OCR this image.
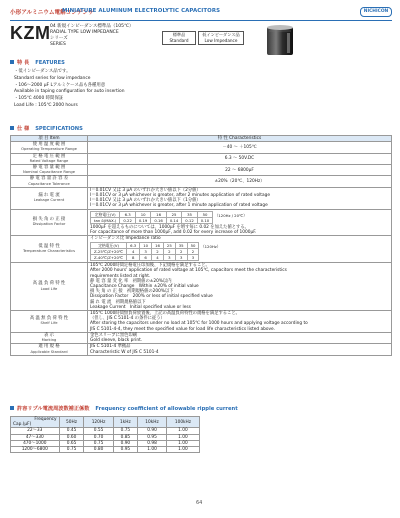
小形アルミニウム電解コンデンサ
MINIATURE ALUMINUM ELECTROLYTIC CAPACITORS	NICHICON
KZM 04 新規インピーダンス標準品（105℃）
RADIAL TYPE LOW IMPEDANCE
シリーズ
SERIES
標準品
Standard
低インピーダンス品
Low Impedance
特 長 FEATURES
・低インピーダンス品です。
Standard series for low impedance
・106～2000 μF Lアルミケース品も各種用意
Available in taping configuration for auto insertion
・105℃ 4000 時間保証
Load Life : 105℃ 2000 hours
仕 様 SPECIFICATIONS
項 目 Item	特 性 Characteristics
使 用 温 度 範 囲
Operating Temperature Range	－40 ～ ＋105℃
定 格 電 圧 範 囲
Rated Voltage Range	6.3 ～ 50V.DC
静 電 容 量 範 囲
Nominal Capacitance Range	22 ～ 6800μF
静 電 容 量 許 容 差
Capacitance Tolerance	±20%（20℃、120Hz）
漏 れ 電 流
Leakage Current

I＝0.01CV 又は 3 μA のいずれか大きい値以下（2分値）
I＝0.01CV or 3 μA whichever is greater, after 2 minutes application of rated voltage
I＝0.01CV 又は 3 μA のいずれか大きい値以下（1分値）
I＝0.01CV or 3 μA whichever is greater, after 1 minute application of rated voltage

損 失 角 の 正 接
Dissipation Factor
	定格電圧(V)	6.3	10	16	25	35	50
tan δ(MAX.)	0.22	0.19	0.16	0.14	0.12	0.10 （120Hz / 20℃）
1000μF を超えるものについては、1000μF を増す毎に 0.02 を加えた値とする。
For capacitance of more than 1000μF, add 0.02 for every increase of 1000μF.

低 温 特 性
Temperature Characteristics

インピーダンス比 Impedance ratio
定格電圧(V)	6.3	10	16	25	35	50
Z-25℃/Z+20℃	4	3	2	2	2	2
Z-40℃/Z+20℃	8	6	4	3	3	3 （120Hz）
高 温 負 荷 特 性
Load Life

105℃ 2000時間定格電圧印加後、下記規格を満足すること。
After 2000 hours' application of rated voltage at 105℃, capacitors meet the characteristics
requirements listed at right.
静 電 容 量 変 化 率　初期値の±20%以内
Capacitance Change　Within ±20% of initial value
損 失 角 の 正 接　初期規格値の200%以下
Dissipation Factor　200% or less of initial specified value
漏 れ 電 流　初期規格値以下
Leakage Current　Initial specified value or less

高 温 無 負 荷 特 性
Shelf Life

105℃ 1000時間無負荷放置後、上記の高温負荷特性の規格を満足すること。
（但し、JIS C 5101-4 の条件に従う）
After storing the capacitors under no load at 105℃ for 1000 hours and applying voltage according to
JIS C 5101-4-4, they meet the specified value for load life characteristics listed above.

表 示
Marking

金色スリーブに黒色印刷
Gold sleeve, black print.

適 用 規 格
Applicable Standard

JIS C 5101-4 準拠品
Characteristic W of JIS C 5101-4
許容リプル電流周波数補正係数 Frequency coefficient of allowable ripple current
Frequency
Cap.(μF)	50Hz	120Hz	1kHz	10kHz	100kHz
22～33	0.45	0.55	0.75	0.90	1.00
47～330	0.60	0.70	0.85	0.95	1.00
470～1000	0.65	0.75	0.90	0.98	1.00
1200～6800	0.75	0.80	0.95	1.00	1.00
64
